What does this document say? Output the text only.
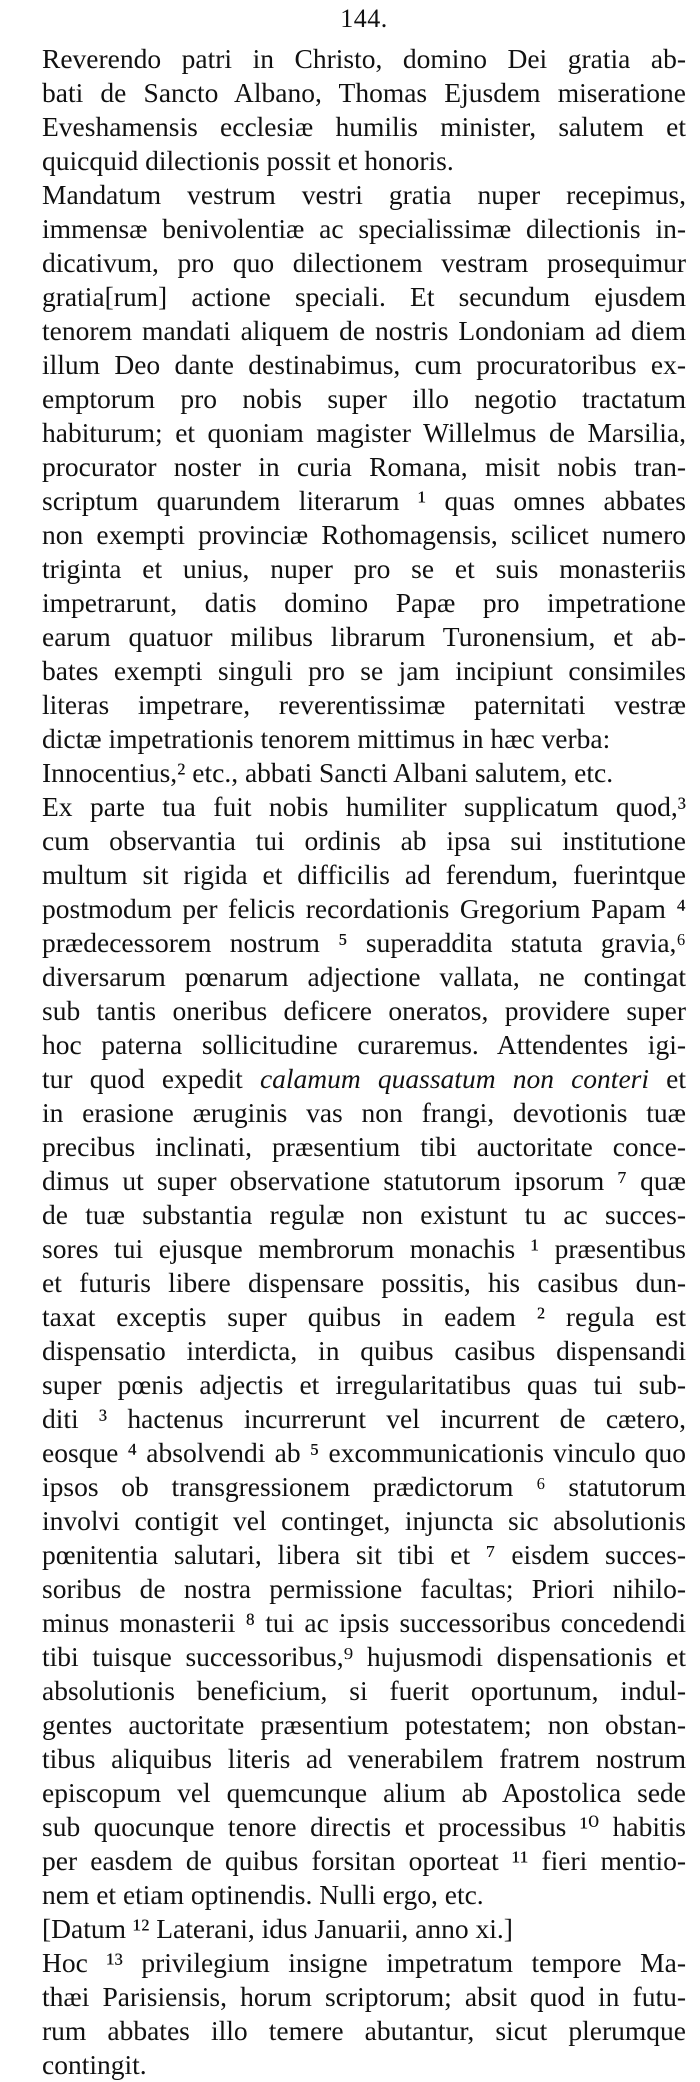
144.
Reverendo patri in Christo, domino Dei gratia ab-
bati de Sancto Albano, Thomas Ejusdem miseratione
Eveshamensis ecclesiæ humilis minister, salutem et
quicquid dilectionis possit et honoris.
Mandatum vestrum vestri gratia nuper recepimus,
immensæ benivolentiæ ac specialissimæ dilectionis in-
dicativum, pro quo dilectionem vestram prosequimur
gratia[rum] actione speciali. Et secundum ejusdem
tenorem mandati aliquem de nostris Londoniam ad diem
illum Deo dante destinabimus, cum procuratoribus ex-
emptorum pro nobis super illo negotio tractatum
habiturum; et quoniam magister Willelmus de Marsilia,
procurator noster in curia Romana, misit nobis tran-
scriptum quarundem literarum ¹ quas omnes abbates
non exempti provinciæ Rothomagensis, scilicet numero
triginta et unius, nuper pro se et suis monasteriis
impetrarunt, datis domino Papæ pro impetratione
earum quatuor milibus librarum Turonensium, et ab-
bates exempti singuli pro se jam incipiunt consimiles
literas impetrare, reverentissimæ paternitati vestræ
dictæ impetrationis tenorem mittimus in hæc verba:
Innocentius,² etc., abbati Sancti Albani salutem, etc.
Ex parte tua fuit nobis humiliter supplicatum quod,³
cum observantia tui ordinis ab ipsa sui institutione
multum sit rigida et difficilis ad ferendum, fuerintque
postmodum per felicis recordationis Gregorium Papam ⁴
prædecessorem nostrum ⁵ superaddita statuta gravia,⁶
diversarum pœnarum adjectione vallata, ne contingat
sub tantis oneribus deficere oneratos, providere super
hoc paterna sollicitudine curaremus. Attendentes igi-
tur quod expedit calamum quassatum non conteri et
in erasione æruginis vas non frangi, devotionis tuæ
precibus inclinati, præsentium tibi auctoritate conce-
dimus ut super observatione statutorum ipsorum ⁷ quæ
de tuæ substantia regulæ non existunt tu ac succes-
sores tui ejusque membrorum monachis ¹ præsentibus
et futuris libere dispensare possitis, his casibus dun-
taxat exceptis super quibus in eadem ² regula est
dispensatio interdicta, in quibus casibus dispensandi
super pœnis adjectis et irregularitatibus quas tui sub-
diti ³ hactenus incurrerunt vel incurrent de cætero,
eosque ⁴ absolvendi ab ⁵ excommunicationis vinculo quo
ipsos ob transgressionem prædictorum ⁶ statutorum
involvi contigit vel continget, injuncta sic absolutionis
pœnitentia salutari, libera sit tibi et ⁷ eisdem succes-
soribus de nostra permissione facultas; Priori nihilo-
minus monasterii ⁸ tui ac ipsis successoribus concedendi
tibi tuisque successoribus,⁹ hujusmodi dispensationis et
absolutionis beneficium, si fuerit oportunum, indul-
gentes auctoritate præsentium potestatem; non obstan-
tibus aliquibus literis ad venerabilem fratrem nostrum
episcopum vel quemcunque alium ab Apostolica sede
sub quocunque tenore directis et processibus ¹⁰ habitis
per easdem de quibus forsitan oporteat ¹¹ fieri mentio-
nem et etiam optinendis. Nulli ergo, etc.
[Datum ¹² Laterani, idus Januarii, anno xi.]
Hoc ¹³ privilegium insigne impetratum tempore Ma-
thæi Parisiensis, horum scriptorum; absit quod in futu-
rum abbates illo temere abutantur, sicut plerumque
contingit.
